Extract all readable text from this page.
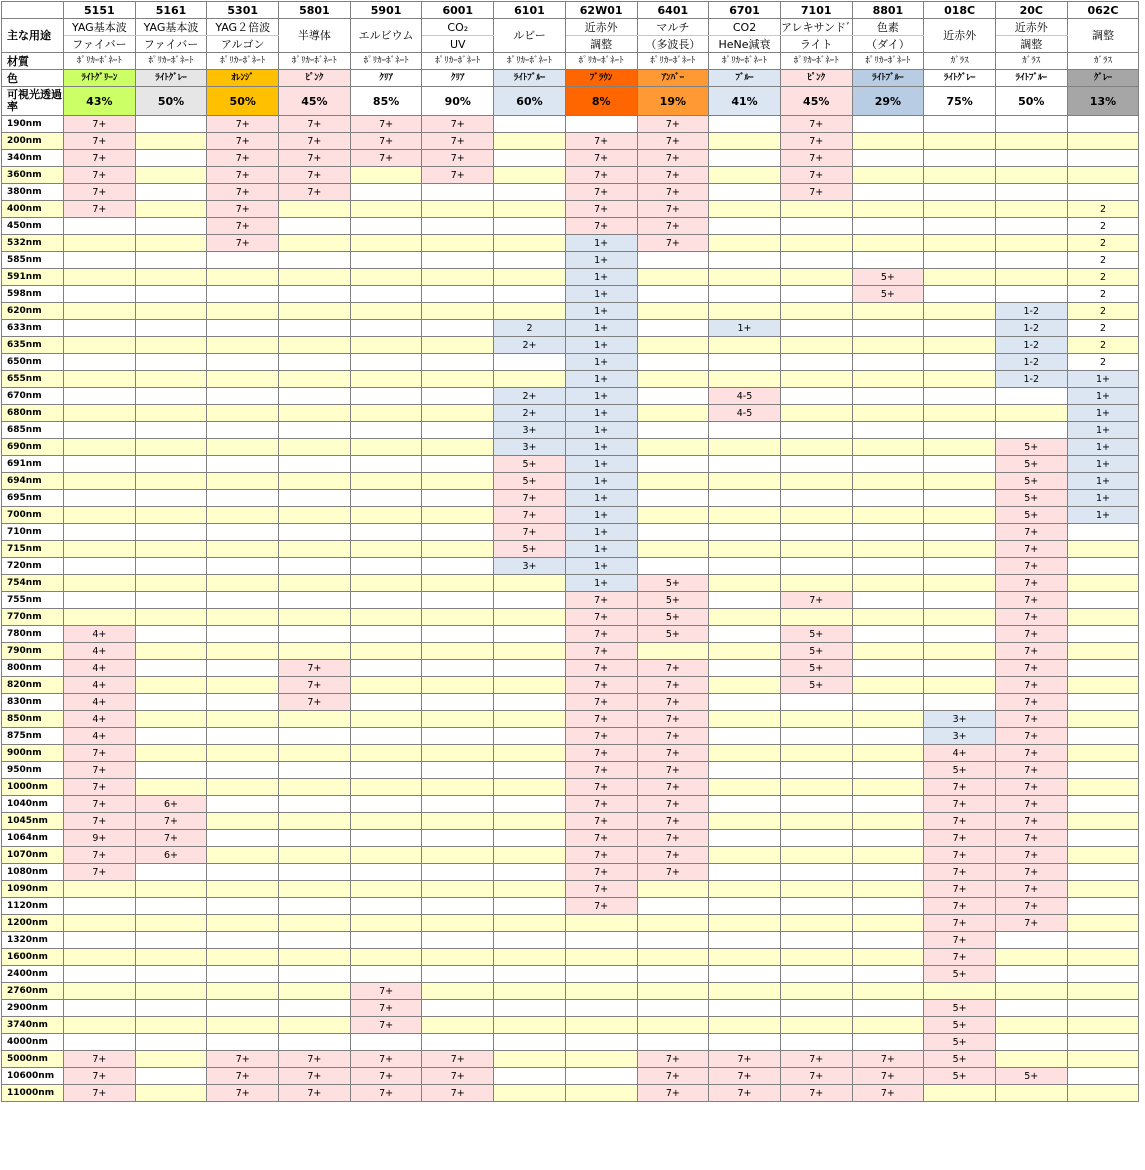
	5151	5161	5301	5801	5901	6001	6101	62W01	6401	6701	7101	8801	018C	20C	062C
主な用途	YAG基本波	YAG基本波	YAG２倍波	半導体	エルビウム	CO₂	ルビー	近赤外	マルチ	CO2	アレキサンドﾞ	色素	近赤外	近赤外	調整
	ファイバー	ファイバー	アルゴン			UV		調整	（多波長）	HeNe減衰	ライト	（ダイ）		調整	
材質	ﾎﾟﾘｶｰﾎﾞﾈｰﾄ	ﾎﾟﾘｶｰﾎﾞﾈｰﾄ	ﾎﾟﾘｶｰﾎﾞﾈｰﾄ	ﾎﾟﾘｶｰﾎﾞﾈｰﾄ	ﾎﾟﾘｶｰﾎﾞﾈｰﾄ	ﾎﾟﾘｶｰﾎﾞﾈｰﾄ	ﾎﾟﾘｶｰﾎﾞﾈｰﾄ	ﾎﾟﾘｶｰﾎﾞﾈｰﾄ	ﾎﾟﾘｶｰﾎﾞﾈｰﾄ	ﾎﾟﾘｶｰﾎﾞﾈｰﾄ	ﾎﾟﾘｶｰﾎﾞﾈｰﾄ	ﾎﾟﾘｶｰﾎﾞﾈｰﾄ	ｶﾞﾗｽ	ｶﾞﾗｽ	ｶﾞﾗｽ
色	ﾗｲﾄｸﾞﾘｰﾝ	ﾗｲﾄｸﾞﾚｰ	ｵﾚﾝｼﾞ	ﾋﾟﾝｸ	ｸﾘｱ	ｸﾘｱ	ﾗｲﾄﾌﾞﾙｰ	ﾌﾞﾗｳﾝ	ｱﾝﾊﾞｰ	ﾌﾞﾙｰ	ﾋﾟﾝｸ	ﾗｲﾄﾌﾞﾙｰ	ﾗｲﾄｸﾞﾚｰ	ﾗｲﾄﾌﾞﾙｰ	ｸﾞﾚｰ
可視光透過率	43%	50%	50%	45%	85%	90%	60%	8%	19%	41%	45%	29%	75%	50%	13%
190nm	7+		7+	7+	7+	7+			7+		7+				
200nm	7+		7+	7+	7+	7+		7+	7+		7+				
340nm	7+		7+	7+	7+	7+		7+	7+		7+				
360nm	7+		7+	7+		7+		7+	7+		7+				
380nm	7+		7+	7+				7+	7+		7+				
400nm	7+		7+					7+	7+						2
450nm			7+					7+	7+						2
532nm			7+					1+	7+						2
585nm								1+							2
591nm								1+				5+			2
598nm								1+				5+			2
620nm								1+						1-2	2
633nm							2	1+		1+				1-2	2
635nm							2+	1+						1-2	2
650nm								1+						1-2	2
655nm								1+						1-2	1+
670nm							2+	1+		4-5					1+
680nm							2+	1+		4-5					1+
685nm							3+	1+							1+
690nm							3+	1+						5+	1+
691nm							5+	1+						5+	1+
694nm							5+	1+						5+	1+
695nm							7+	1+						5+	1+
700nm							7+	1+						5+	1+
710nm							7+	1+						7+	
715nm							5+	1+						7+	
720nm							3+	1+						7+	
754nm								1+	5+					7+	
755nm								7+	5+		7+			7+	
770nm								7+	5+					7+	
780nm	4+							7+	5+		5+			7+	
790nm	4+							7+			5+			7+	
800nm	4+			7+				7+	7+		5+			7+	
820nm	4+			7+				7+	7+		5+			7+	
830nm	4+			7+				7+	7+					7+	
850nm	4+							7+	7+				3+	7+	
875nm	4+							7+	7+				3+	7+	
900nm	7+							7+	7+				4+	7+	
950nm	7+							7+	7+				5+	7+	
1000nm	7+							7+	7+				7+	7+	
1040nm	7+	6+						7+	7+				7+	7+	
1045nm	7+	7+						7+	7+				7+	7+	
1064nm	9+	7+						7+	7+				7+	7+	
1070nm	7+	6+						7+	7+				7+	7+	
1080nm	7+							7+	7+				7+	7+	
1090nm								7+					7+	7+	
1120nm								7+					7+	7+	
1200nm													7+	7+	
1320nm													7+		
1600nm													7+		
2400nm													5+		
2760nm					7+										
2900nm					7+								5+		
3740nm					7+								5+		
4000nm													5+		
5000nm	7+		7+	7+	7+	7+			7+	7+	7+	7+	5+		
10600nm	7+		7+	7+	7+	7+			7+	7+	7+	7+	5+	5+	
11000nm	7+		7+	7+	7+	7+			7+	7+	7+	7+			
